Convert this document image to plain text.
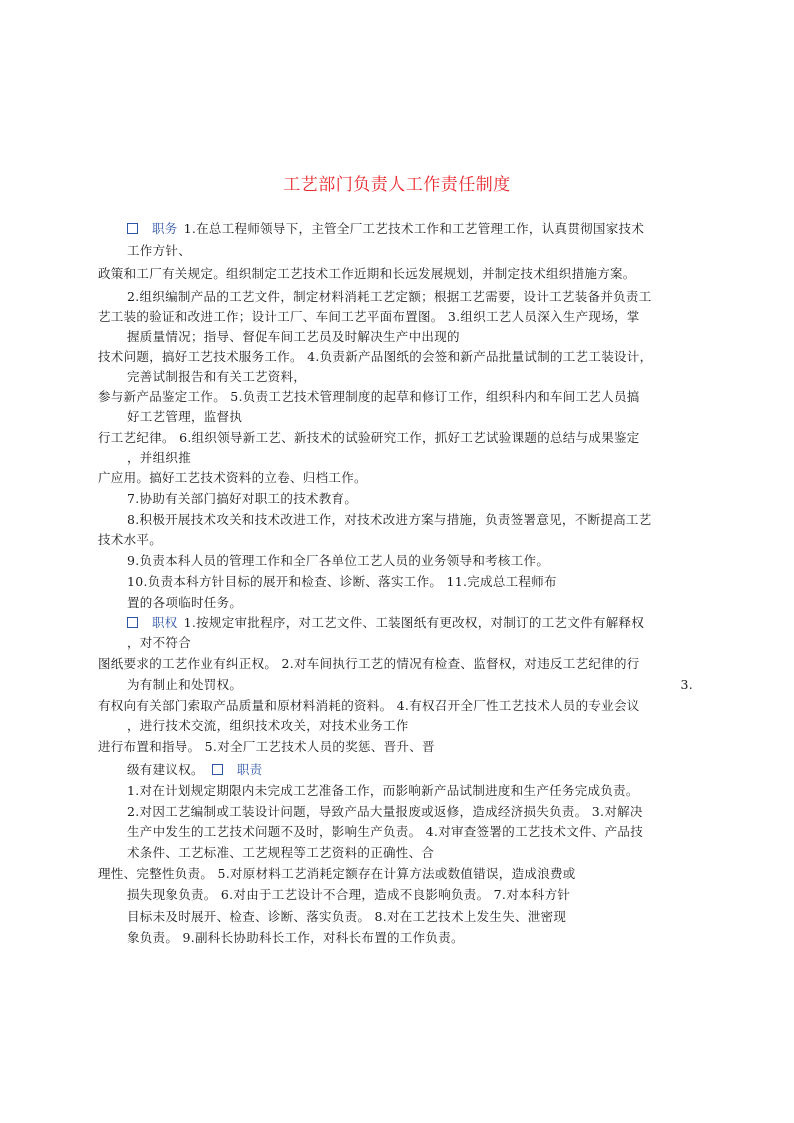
工艺部门负责人工作责任制度
职务 1.在总工程师领导下，主管全厂工艺技术工作和工艺管理工作，认真贯彻国家技术
工作方针、
政策和工厂有关规定。组织制定工艺技术工作近期和长远发展规划，并制定技术组织措施方案。
2.组织编制产品的工艺文件，制定材料消耗工艺定额；根据工艺需要，设计工艺装备并负责工
艺工装的验证和改进工作；设计工厂、车间工艺平面布置图。 3.组织工艺人员深入生产现场，掌
握质量情况；指导、督促车间工艺员及时解决生产中出现的
技术问题，搞好工艺技术服务工作。 4.负责新产品图纸的会签和新产品批量试制的工艺工装设计，
完善试制报告和有关工艺资料，
参与新产品鉴定工作。 5.负责工艺技术管理制度的起草和修订工作，组织科内和车间工艺人员搞
好工艺管理，监督执
行工艺纪律。 6.组织领导新工艺、新技术的试验研究工作，抓好工艺试验课题的总结与成果鉴定
，并组织推
广应用。搞好工艺技术资料的立卷、归档工作。
7.协助有关部门搞好对职工的技术教育。
8.积极开展技术攻关和技术改进工作，对技术改进方案与措施，负责签署意见，不断提高工艺
技术水平。
9.负责本科人员的管理工作和全厂各单位工艺人员的业务领导和考核工作。
10.负责本科方针目标的展开和检查、诊断、落实工作。 11.完成总工程师布
置的各项临时任务。
职权 1.按规定审批程序，对工艺文件、工装图纸有更改权，对制订的工艺文件有解释权
，对不符合
图纸要求的工艺作业有纠正权。 2.对车间执行工艺的情况有检查、监督权，对违反工艺纪律的行
为有制止和处罚权。	3.
有权向有关部门索取产品质量和原材料消耗的资料。 4.有权召开全厂性工艺技术人员的专业会议
，进行技术交流，组织技术攻关，对技术业务工作
进行布置和指导。 5.对全厂工艺技术人员的奖惩、晋升、晋
级有建议权。	职责
1.对在计划规定期限内未完成工艺准备工作，而影响新产品试制进度和生产任务完成负责。
2.对因工艺编制或工装设计问题，导致产品大量报废或返修，造成经济损失负责。 3.对解决
生产中发生的工艺技术问题不及时，影响生产负责。 4.对审查签署的工艺技术文件、产品技
术条件、工艺标准、工艺规程等工艺资料的正确性、合
理性、完整性负责。 5.对原材料工艺消耗定额存在计算方法或数值错误，造成浪费或
损失现象负责。 6.对由于工艺设计不合理，造成不良影响负责。 7.对本科方针
目标未及时展开、检查、诊断、落实负责。 8.对在工艺技术上发生失、泄密现
象负责。 9.副科长协助科长工作，对科长布置的工作负责。
